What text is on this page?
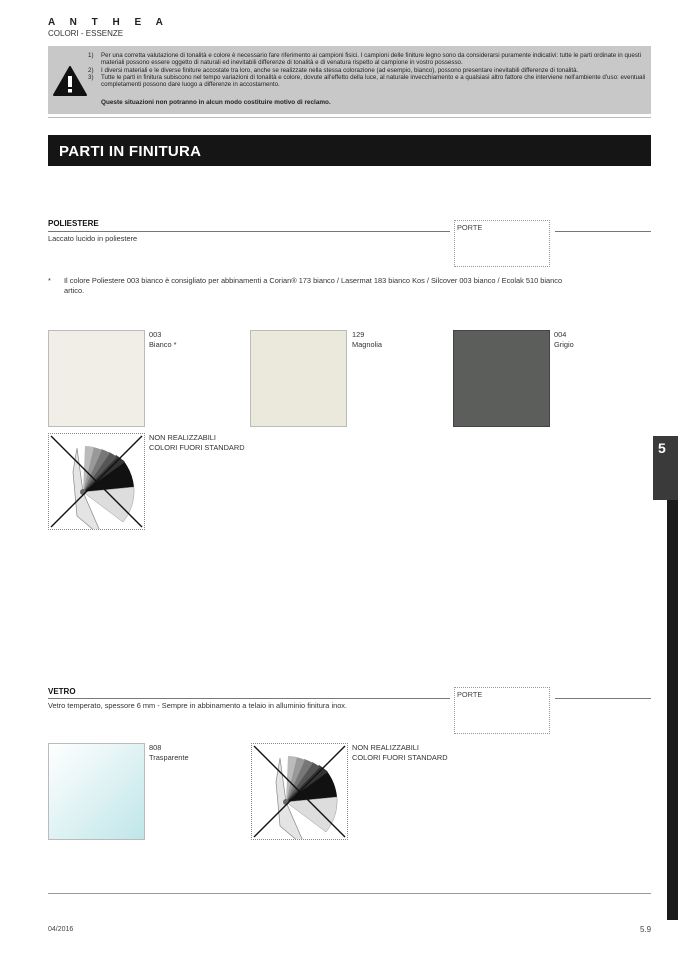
A N T H E A
COLORI - ESSENZE
1)	Per una corretta valutazione di tonalità e colore è necessario fare riferimento ai campioni fisici. I campioni delle finiture legno sono da considerarsi puramente indicativi: tutte le parti ordinate in questi materiali possono essere oggetto di naturali ed inevitabili differenze di tonalità e di venatura rispetto al campione in vostro possesso.
2)	I diversi materiali e le diverse finiture accostate tra loro, anche se realizzate nella stessa colorazione (ad esempio, bianco), possono presentare inevitabili differenze di tonalità.
3)	Tutte le parti in finitura subiscono nel tempo variazioni di tonalità e colore, dovute all'effetto della luce, al naturale invecchiamento e a qualsiasi altro fattore che interviene nell'ambiente d'uso: eventuali completamenti possono dare luogo a differenze in accostamento.
Queste situazioni non potranno in alcun modo costituire motivo di reclamo.
PARTI IN FINITURA
POLIESTERE
Laccato lucido in poliestere
PORTE
* Il colore Poliestere 003 bianco è consigliato per abbinamenti a Corian® 173 bianco / Lasermat 183 bianco Kos / Silcover 003 bianco / Ecolak 510 bianco artico.
003
Bianco *
129
Magnolia
004
Grigio
NON REALIZZABILI
COLORI FUORI STANDARD
VETRO
Vetro temperato, spessore 6 mm - Sempre in abbinamento a telaio in alluminio finitura inox.
PORTE
808
Trasparente
NON REALIZZABILI
COLORI FUORI STANDARD
5
04/2016	5.9
